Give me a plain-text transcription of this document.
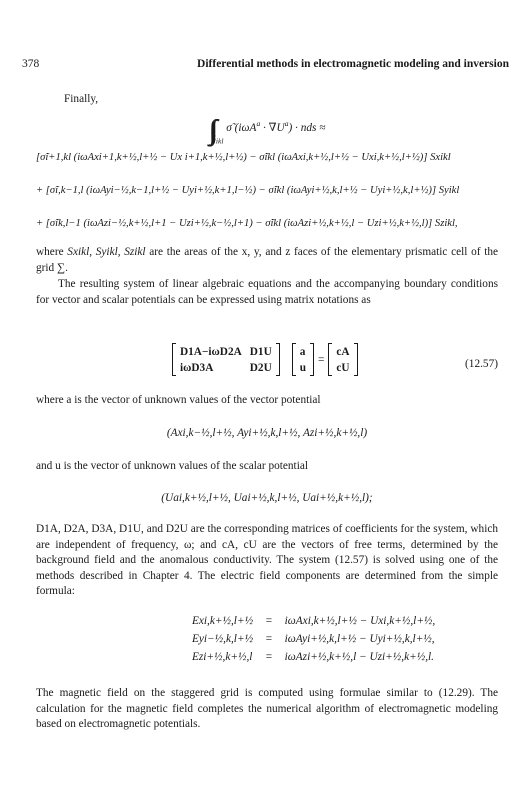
378	Differential methods in electromagnetic modeling and inversion
Finally,
$\int\int_{S_{ikl}}$ σ̃ $(i\omega A^a \cdot \nabla U^a)$ · nds ≈
[σ̃i+1,kl (iωAxi+1,k+½,l+½ − Ux i+1,k+½,l+½) − σ̃ikl (iωAxi,k+½,l+½ − Uxi,k+½,l+½)] Sxikl
+ [σ̃i,k−1,l (iωAyi−½,k−1,l+½ − Uyi+½,k+1,l−½) − σ̃ikl (iωAyi+½,k,l+½ − Uyi+½,k,l+½)] Syikl
+ [σ̃ik,l−1 (iωAzi−½,k+½,l+1 − Uzi+½,k−½,l+1) − σ̃ikl (iωAzi+½,k+½,l − Uzi+½,k+½,l)] Szikl,
where Sxikl, Syikl, Szikl are the areas of the x, y, and z faces of the elementary prismatic cell of the grid ∑.
The resulting system of linear algebraic equations and the accompanying boundary conditions for vector and scalar potentials can be expressed using matrix notations as
	D1A−iωD2A	D1U				a		=		cA	
	iωD3A	D2U				u				cU		(12.57)
where a is the vector of unknown values of the vector potential
(Axi,k−½,l+½, Ayi+½,k,l+½, Azi+½,k+½,l)
and u is the vector of unknown values of the scalar potential
(Uai,k+½,l+½, Uai+½,k,l+½, Uai+½,k+½,l);
D1A, D2A, D3A, D1U, and D2U are the corresponding matrices of coefficients for the system, which are independent of frequency, ω; and cA, cU are the vectors of free terms, determined by the background field and the anomalous conductivity. The system (12.57) is solved using one of the methods described in Chapter 4. The electric field components are determined from the simple formula:
Exi,k+½,l+½	=	iωAxi,k+½,l+½ − Uxi,k+½,l+½,
Eyi−½,k,l+½	=	iωAyi+½,k,l+½ − Uyi+½,k,l+½,
Ezi+½,k+½,l	=	iωAzi+½,k+½,l − Uzi+½,k+½,l.
The magnetic field on the staggered grid is computed using formulae similar to (12.29). The calculation for the magnetic field completes the numerical algorithm of electromagnetic modeling based on electromagnetic potentials.
